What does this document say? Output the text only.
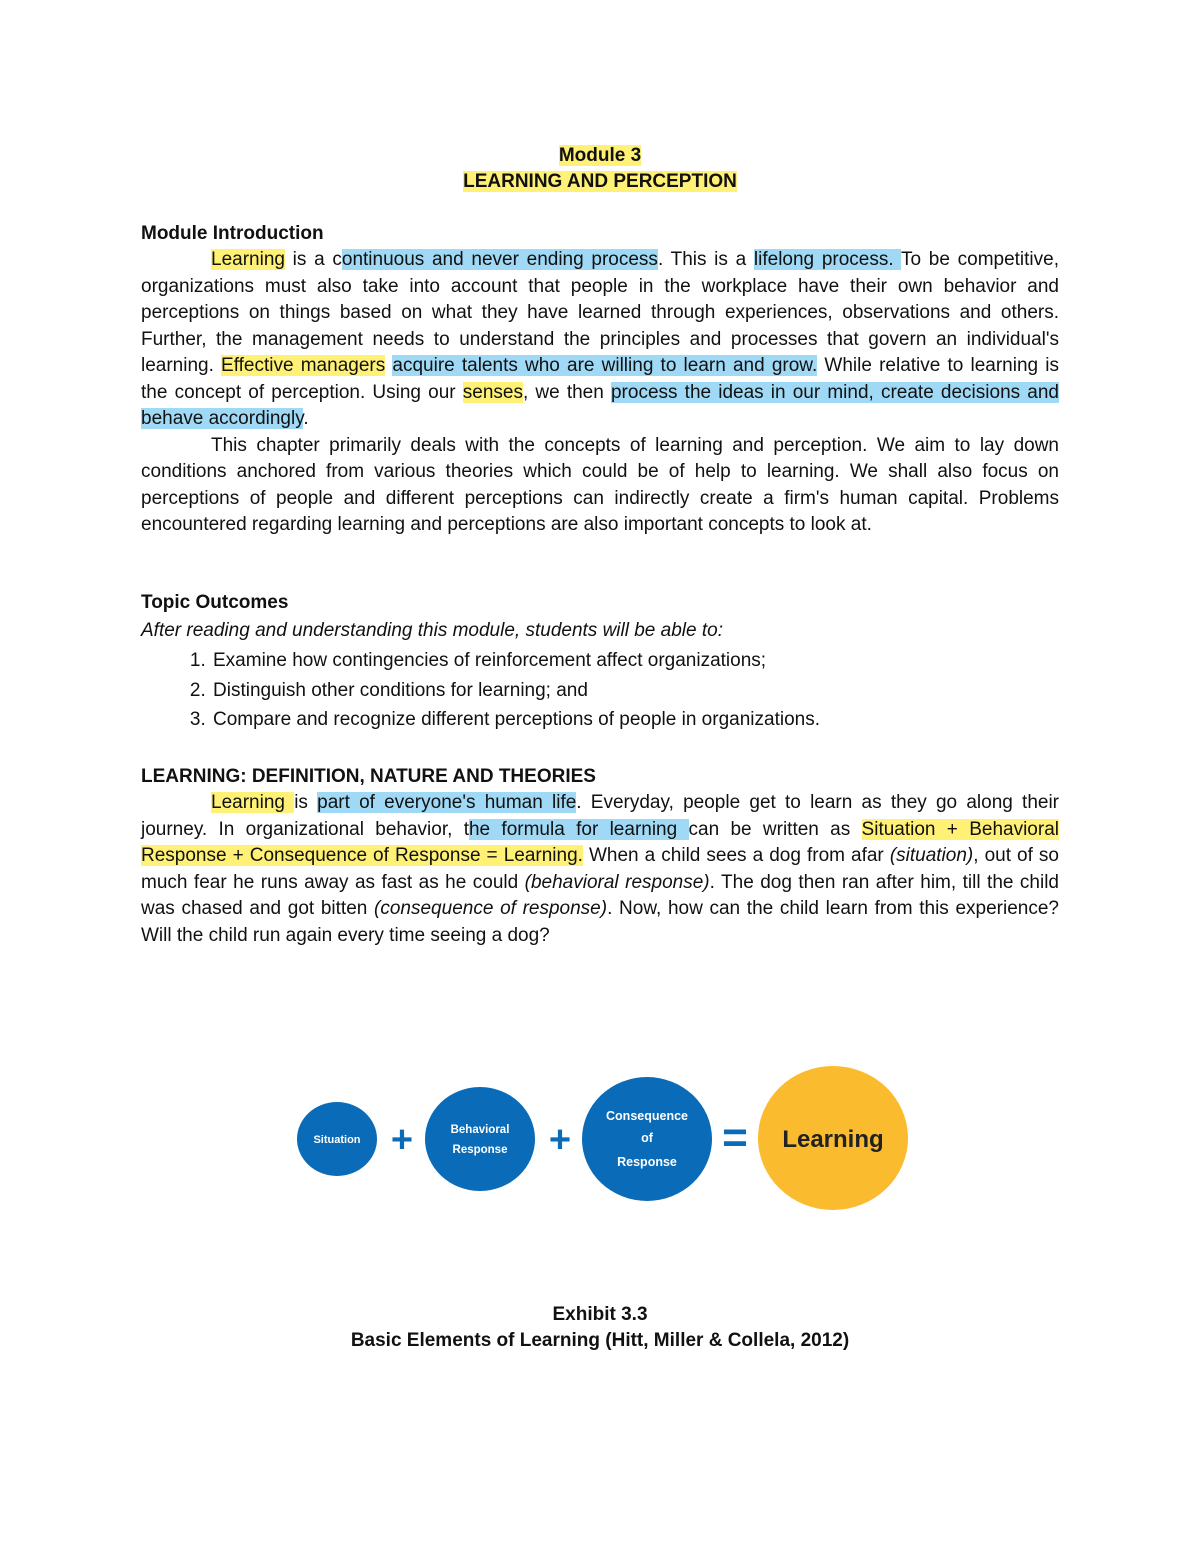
Module 3
LEARNING AND PERCEPTION
Module Introduction

Learning is a continuous and never ending process. This is a lifelong process. To be competitive, organizations must also take into account that people in the workplace have their own behavior and perceptions on things based on what they have learned through experiences, observations and others. Further, the management needs to understand the principles and processes that govern an individual's learning. Effective managers acquire talents who are willing to learn and grow. While relative to learning is the concept of perception. Using our senses, we then process the ideas in our mind, create decisions and behave accordingly.

This chapter primarily deals with the concepts of learning and perception. We aim to lay down conditions anchored from various theories which could be of help to learning. We shall also focus on perceptions of people and different perceptions can indirectly create a firm's human capital. Problems encountered regarding learning and perceptions are also important concepts to look at.

Topic Outcomes

After reading and understanding this module, students will be able to:

1. Examine how contingencies of reinforcement affect organizations;
2. Distinguish other conditions for learning; and
3. Compare and recognize different perceptions of people in organizations.
LEARNING: DEFINITION, NATURE AND THEORIES

Learning is part of everyone's human life. Everyday, people get to learn as they go along their journey. In organizational behavior, the formula for learning can be written as Situation + Behavioral Response + Consequence of Response = Learning. When a child sees a dog from afar (situation), out of so much fear he runs away as fast as he could (behavioral response). The dog then ran after him, till the child was chased and got bitten (consequence of response). Now, how can the child learn from this experience? Will the child run again every time seeing a dog?

Situation +	Behavioral
Response +
Consequence
of
Response = Learning
Exhibit 3.3
Basic Elements of Learning (Hitt, Miller & Collela, 2012)
